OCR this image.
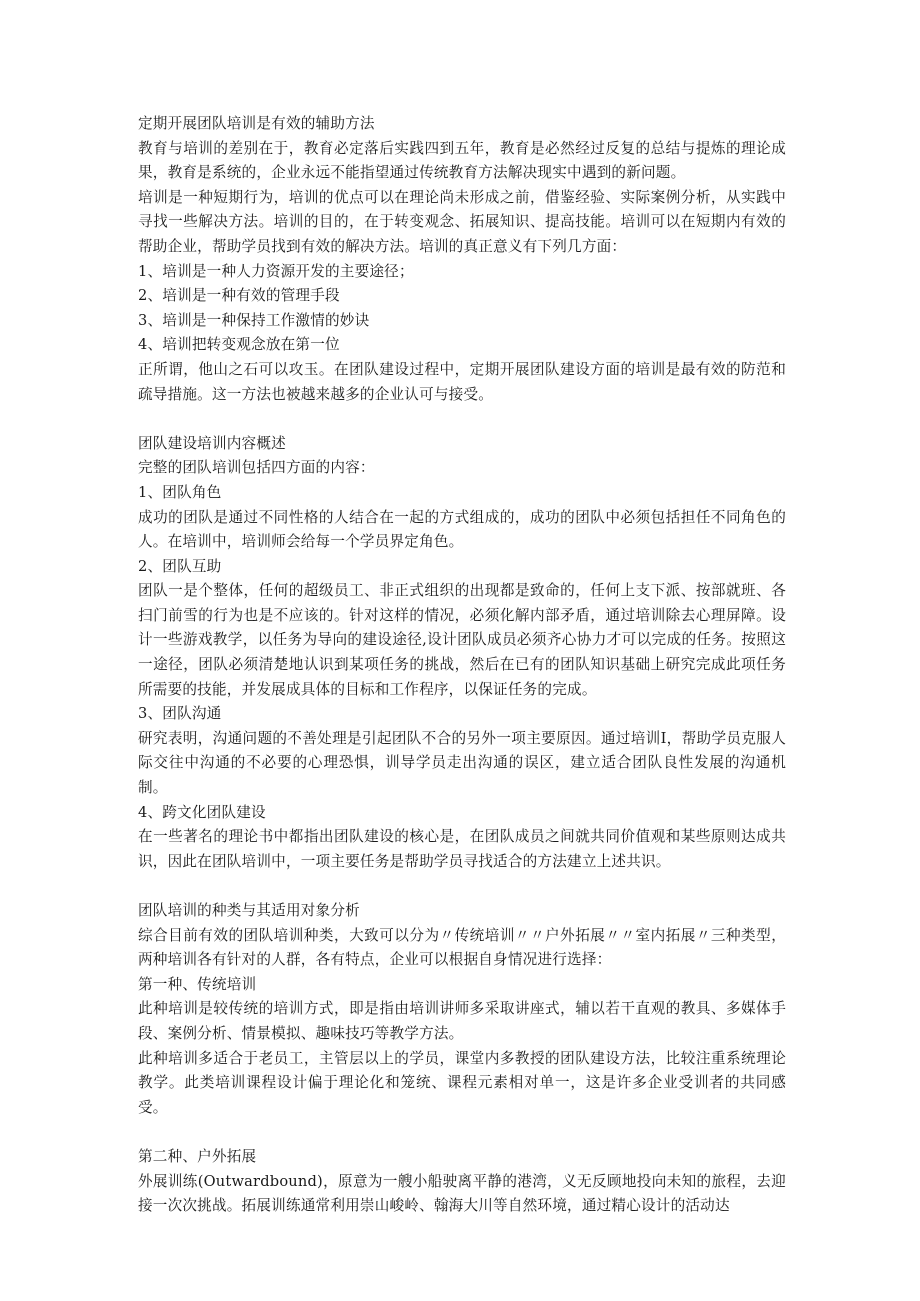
定期开展团队培训是有效的辅助方法

教育与培训的差别在于，教育必定落后实践四到五年，教育是必然经过反复的总结与提炼的理论成果，教育是系统的，企业永远不能指望通过传统教育方法解决现实中遇到的新问题。

培训是一种短期行为，培训的优点可以在理论尚未形成之前，借鉴经验、实际案例分析，从实践中寻找一些解决方法。培训的目的，在于转变观念、拓展知识、提高技能。培训可以在短期内有效的帮助企业，帮助学员找到有效的解决方法。培训的真正意义有下列几方面：

1、培训是一种人力资源开发的主要途径；

2、培训是一种有效的管理手段

3、培训是一种保持工作激情的妙诀

4、培训把转变观念放在第一位

正所谓，他山之石可以攻玉。在团队建设过程中，定期开展团队建设方面的培训是最有效的防范和疏导措施。这一方法也被越来越多的企业认可与接受。

团队建设培训内容概述

完整的团队培训包括四方面的内容：

1、团队角色

成功的团队是通过不同性格的人结合在一起的方式组成的，成功的团队中必须包括担任不同角色的人。在培训中，培训师会给每一个学员界定角色。

2、团队互助

团队一是个整体，任何的超级员工、非正式组织的出现都是致命的，任何上支下派、按部就班、各扫门前雪的行为也是不应该的。针对这样的情况，必须化解内部矛盾，通过培训除去心理屏障。设计一些游戏教学，以任务为导向的建设途径,设计团队成员必须齐心协力才可以完成的任务。按照这一途径，团队必须清楚地认识到某项任务的挑战，然后在已有的团队知识基础上研究完成此项任务所需要的技能，并发展成具体的目标和工作程序，以保证任务的完成。

3、团队沟通

研究表明，沟通问题的不善处理是引起团队不合的另外一项主要原因。通过培训I，帮助学员克服人际交往中沟通的不必要的心理恐惧，训导学员走出沟通的误区，建立适合团队良性发展的沟通机制。

4、跨文化团队建设

在一些著名的理论书中都指出团队建设的核心是，在团队成员之间就共同价值观和某些原则达成共识，因此在团队培训中，一项主要任务是帮助学员寻找适合的方法建立上述共识。

团队培训的种类与其适用对象分析

综合目前有效的团队培训种类，大致可以分为〃传统培训〃〃户外拓展〃〃室内拓展〃三种类型，两种培训各有针对的人群，各有特点，企业可以根据自身情况进行选择：

第一种、传统培训

此种培训是较传统的培训方式，即是指由培训讲师多采取讲座式，辅以若干直观的教具、多媒体手段、案例分析、情景模拟、趣味技巧等教学方法。

此种培训多适合于老员工，主管层以上的学员，课堂内多教授的团队建设方法，比较注重系统理论教学。此类培训课程设计偏于理论化和笼统、课程元素相对单一，这是许多企业受训者的共同感受。

第二种、户外拓展

外展训练(Outwardbound)，原意为一艘小船驶离平静的港湾，义无反顾地投向未知的旅程，去迎接一次次挑战。拓展训练通常利用崇山峻岭、翰海大川等自然环境，通过精心设计的活动达
